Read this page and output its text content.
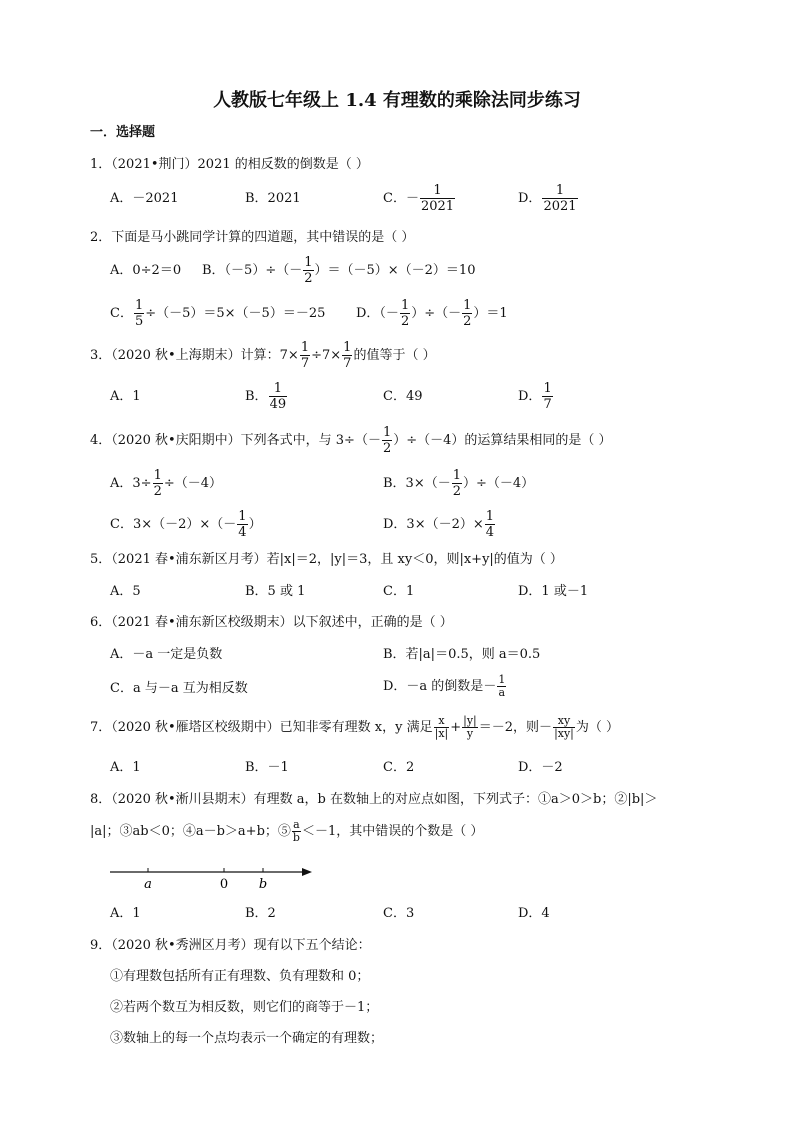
人教版七年级上 1.4 有理数的乘除法同步练习
一．选择题
1．（2021•荆门）2021 的相反数的倒数是（ ）
A．－2021	B．2021	C．－ $\frac{1}{2021}$	D． $\frac{1}{2021}$
2．下面是马小跳同学计算的四道题，其中错误的是（ ）
A．0÷2＝0 B．$(-5)\div(- \frac{1}{2} )=(-5)\times(-2)=10$
C． $\frac{1}{5} \div(-5)=5\times(-5)=-25$ D．（－ $\frac{1}{2}$ ）÷（－ $\frac{1}{2} )=1$
3．（2020 秋•上海期末）计算：$7\times \frac{1}{7} \div 7\times \frac{1}{7}$ 的值等于（ ）
A．1	B． $\frac{1}{49}$	C．49	D． $\frac{1}{7}$
4．（2020 秋•庆阳期中）下列各式中，与 $3\div(- \frac{1}{2} )\div(-4)$的运算结果相同的是（ ）
A．$3\div \frac{1}{2} \div(-4)$	B．$3\times(- \frac{1}{2} )\div(-4)$
C．$3\times(-2)\times(- \frac{1}{4}$ ）	D．$3\times(-2)\times \frac{1}{4}$
5．（2021 春•浦东新区月考）若|x|＝2，|y|＝3，且 xy＜0，则|x+y|的值为（ ）
A．5	B．5 或 1	C．1	D．1 或－1
6．（2021 春•浦东新区校级期末）以下叙述中，正确的是（ ）
A．－a 一定是负数	B．若|a|＝0.5，则 a＝0.5
C．a 与－a 互为相反数	D．－a 的倒数是－ $\frac{1}{a}$
7．（2020 秋•雁塔区校级期中）已知非零有理数 x，y 满足 $\frac{x}{|x|} + \frac{|y|}{y} =-2$，则－ $\frac{xy}{|xy|}$ 为（ ）
A．1	B．－1	C．2	D．－2
8．（2020 秋•淅川县期末）有理数 a，b 在数轴上的对应点如图，下列式子：①a＞0＞b；②|b|＞
|a|；③ab＜0；④a－b＞a+b；⑤ $\frac{a}{b} <-1$，其中错误的个数是（ ）
a	0 b
A．1	B．2	C．3	D．4
9．（2020 秋•秀洲区月考）现有以下五个结论：
①有理数包括所有正有理数、负有理数和 0；
②若两个数互为相反数，则它们的商等于－1；
③数轴上的每一个点均表示一个确定的有理数；
